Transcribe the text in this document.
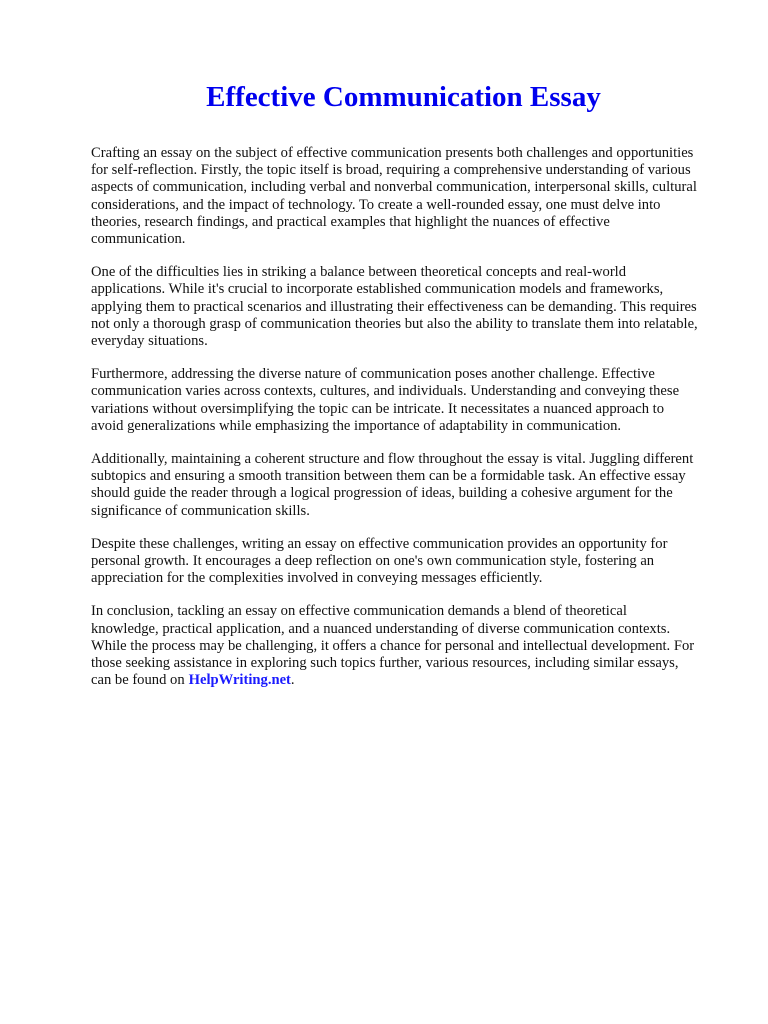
Effective Communication Essay

Crafting an essay on the subject of effective communication presents both challenges and opportunities for self-reflection. Firstly, the topic itself is broad, requiring a comprehensive understanding of various aspects of communication, including verbal and nonverbal communication, interpersonal skills, cultural considerations, and the impact of technology. To create a well-rounded essay, one must delve into theories, research findings, and practical examples that highlight the nuances of effective communication.

One of the difficulties lies in striking a balance between theoretical concepts and real-world applications. While it's crucial to incorporate established communication models and frameworks, applying them to practical scenarios and illustrating their effectiveness can be demanding. This requires not only a thorough grasp of communication theories but also the ability to translate them into relatable, everyday situations.

Furthermore, addressing the diverse nature of communication poses another challenge. Effective communication varies across contexts, cultures, and individuals. Understanding and conveying these variations without oversimplifying the topic can be intricate. It necessitates a nuanced approach to avoid generalizations while emphasizing the importance of adaptability in communication.

Additionally, maintaining a coherent structure and flow throughout the essay is vital. Juggling different subtopics and ensuring a smooth transition between them can be a formidable task. An effective essay should guide the reader through a logical progression of ideas, building a cohesive argument for the significance of communication skills.

Despite these challenges, writing an essay on effective communication provides an opportunity for personal growth. It encourages a deep reflection on one's own communication style, fostering an appreciation for the complexities involved in conveying messages efficiently.

In conclusion, tackling an essay on effective communication demands a blend of theoretical knowledge, practical application, and a nuanced understanding of diverse communication contexts. While the process may be challenging, it offers a chance for personal and intellectual development. For those seeking assistance in exploring such topics further, various resources, including similar essays, can be found on HelpWriting.net.
